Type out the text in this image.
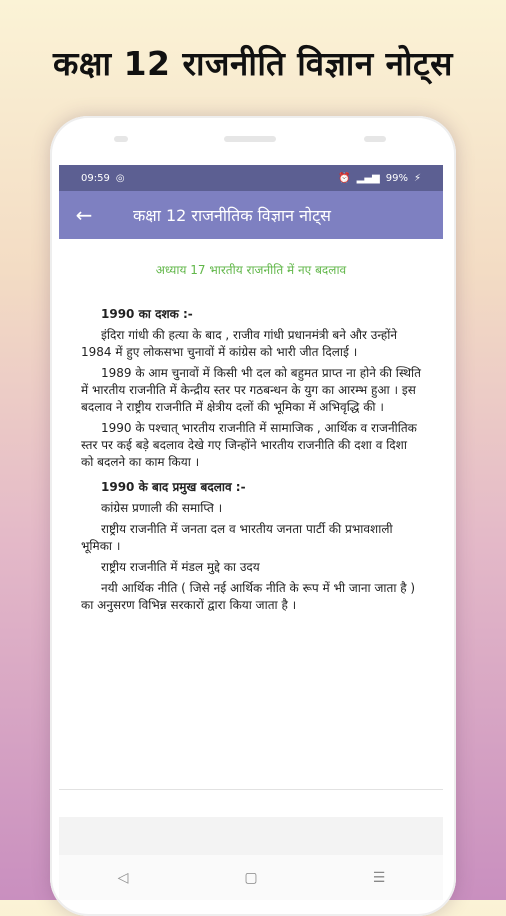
कक्षा 12 राजनीति विज्ञान नोट्स
09:59 ◎	⏰ ▂▄▆ 99% ⚡
←	कक्षा 12 राजनीतिक विज्ञान नोट्स
अध्याय 17 भारतीय राजनीति में नए बदलाव
1990 का दशक :-

इंदिरा गांधी की हत्या के बाद , राजीव गांधी प्रधानमंत्री बने और उन्होंने 1984 में हुए लोकसभा चुनावों में कांग्रेस को भारी जीत दिलाई ।

1989 के आम चुनावों में किसी भी दल को बहुमत प्राप्त ना होने की स्थिति में भारतीय राजनीति में केन्द्रीय स्तर पर गठबन्धन के युग का आरम्भ हुआ । इस बदलाव ने राष्ट्रीय राजनीति में क्षेत्रीय दलों की भूमिका में अभिवृद्धि की ।

1990 के पश्चात् भारतीय राजनीति में सामाजिक , आर्थिक व राजनीतिक स्तर पर कई बड़े बदलाव देखे गए जिन्होंने भारतीय राजनीति की दशा व दिशा को बदलने का काम किया ।

1990 के बाद प्रमुख बदलाव :-

कांग्रेस प्रणाली की समाप्ति ।

राष्ट्रीय राजनीति में जनता दल व भारतीय जनता पार्टी की प्रभावशाली भूमिका ।

राष्ट्रीय राजनीति में मंडल मुद्दे का उदय

नयी आर्थिक नीति ( जिसे नई आर्थिक नीति के रूप में भी जाना जाता है ) का अनुसरण विभिन्न सरकारों द्वारा किया जाता है ।

◁	▢	☰
